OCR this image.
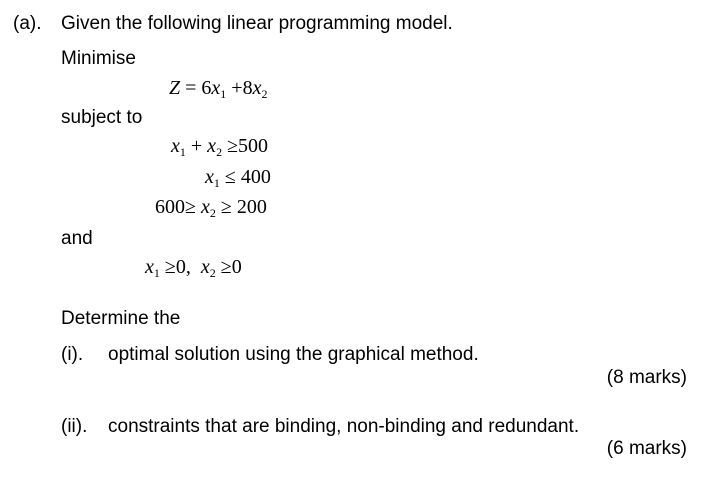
(a). Given the following linear programming model.
Minimise
$Z = 6x_1 +8x_2$
subject to
$x_1 + x_2 \ge 500$
$x_1 \le 400$
$600\ge x_2 \ge 200$
and
$x_1 \ge 0$, $x_2 \ge 0$
Determine the
(i). optimal solution using the graphical method.
(8 marks)
(ii). constraints that are binding, non-binding and redundant.
(6 marks)
